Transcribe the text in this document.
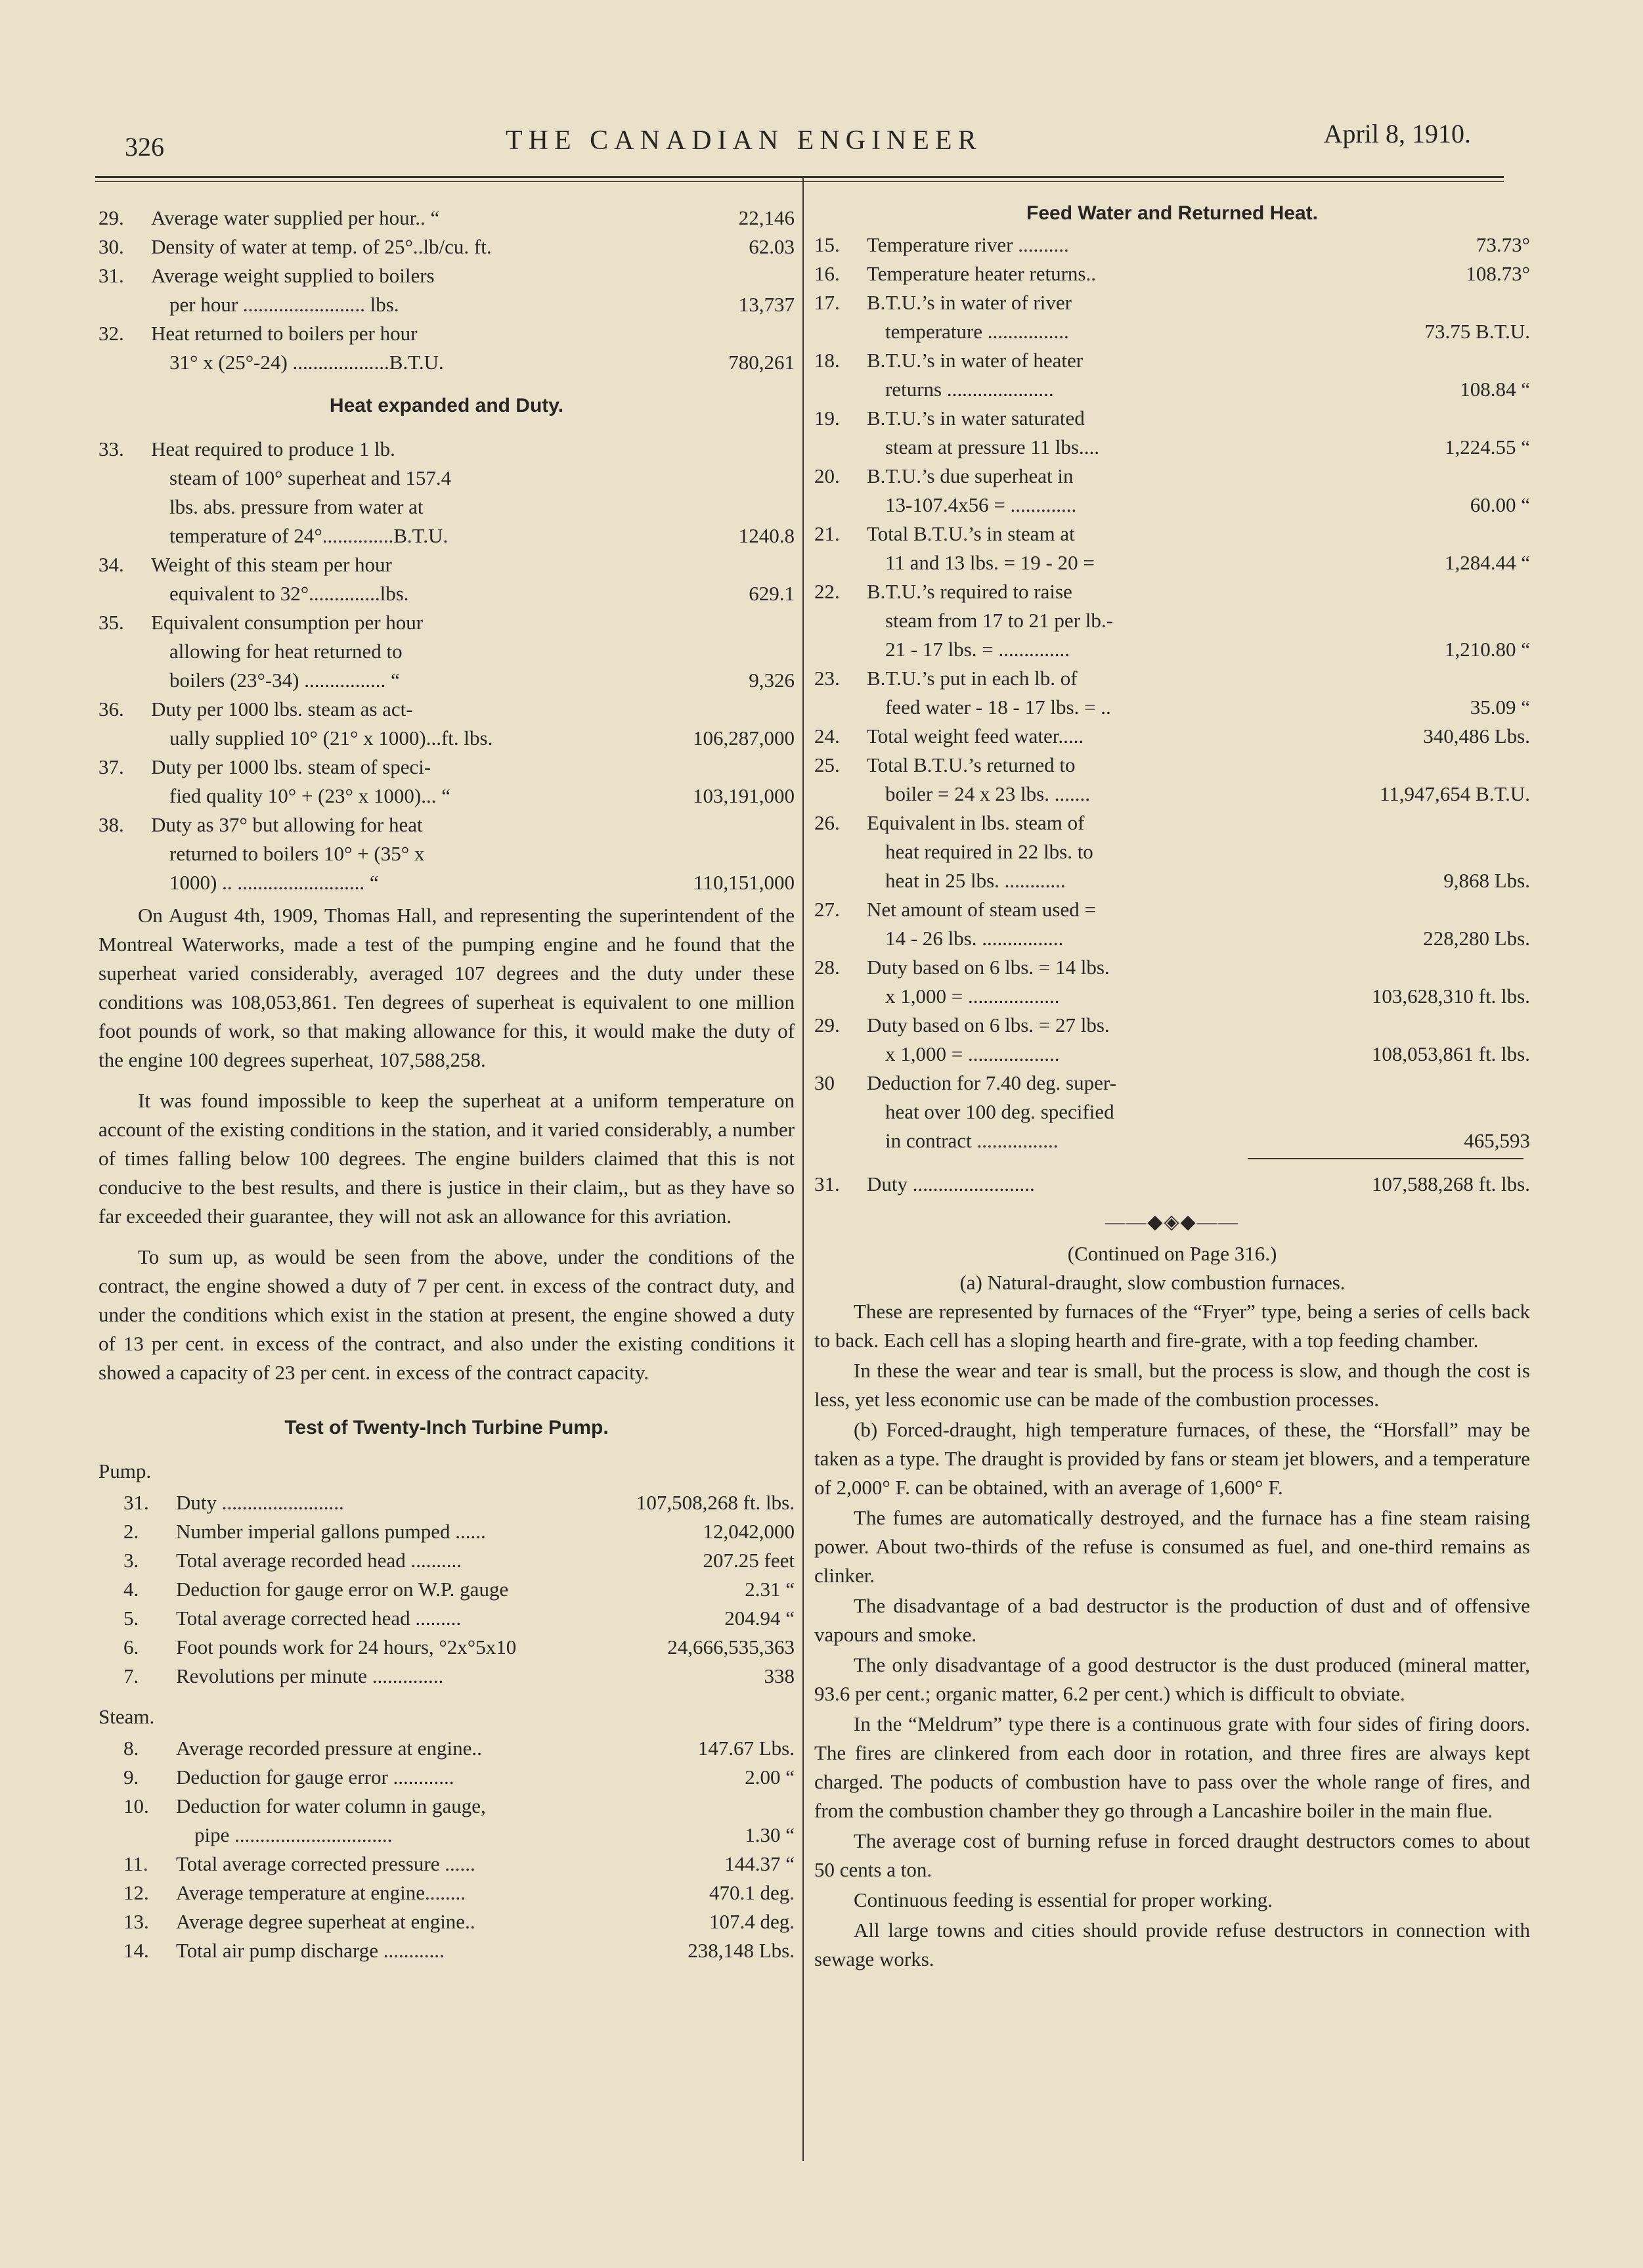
326	THE CANADIAN ENGINEER	April 8, 1910.
29.	Average water supplied per hour.. “	22,146
30.	Density of water at temp. of 25°..lb/cu. ft.	62.03
31.	Average weight supplied to boilers
per hour ........................ lbs.	13,737
32.	Heat returned to boilers per hour
31° x (25°-24) ...................B.T.U.	780,261
Heat expanded and Duty.
33.	Heat required to produce 1 lb.
steam of 100° superheat and 157.4
lbs. abs. pressure from water at
temperature of 24°..............B.T.U.	1240.8
34.	Weight of this steam per hour
equivalent to 32°..............lbs.	629.1
35.	Equivalent consumption per hour
allowing for heat returned to
boilers (23°-34) ................ “	9,326
36.	Duty per 1000 lbs. steam as act-
ually supplied 10° (21° x 1000)...ft. lbs.	106,287,000
37.	Duty per 1000 lbs. steam of speci-
fied quality 10° + (23° x 1000)... “	103,191,000
38.	Duty as 37° but allowing for heat
returned to boilers 10° + (35° x
1000) .. ......................... “	110,151,000

On August 4th, 1909, Thomas Hall, and representing the superintendent of the Montreal Waterworks, made a test of the pumping engine and he found that the superheat varied considerably, averaged 107 degrees and the duty under these conditions was 108,053,861. Ten degrees of superheat is equivalent to one million foot pounds of work, so that making allowance for this, it would make the duty of the engine 100 degrees superheat, 107,588,258.

It was found impossible to keep the superheat at a uniform temperature on account of the existing conditions in the station, and it varied considerably, a number of times falling below 100 degrees. The engine builders claimed that this is not conducive to the best results, and there is justice in their claim,, but as they have so far exceeded their guarantee, they will not ask an allowance for this avriation.

To sum up, as would be seen from the above, under the conditions of the contract, the engine showed a duty of 7 per cent. in excess of the contract duty, and under the conditions which exist in the station at present, the engine showed a duty of 13 per cent. in excess of the contract, and also under the existing conditions it showed a capacity of 23 per cent. in excess of the contract capacity.

Test of Twenty-Inch Turbine Pump.
Pump.
31.	Duty ........................	107,508,268 ft. lbs.
2.	Number imperial gallons pumped ......	12,042,000
3.	Total average recorded head ..........	207.25 feet
4.	Deduction for gauge error on W.P. gauge	2.31 “
5.	Total average corrected head .........	204.94 “
6.	Foot pounds work for 24 hours, °2x°5x10	24,666,535,363
7.	Revolutions per minute ..............	338
Steam.
8.	Average recorded pressure at engine..	147.67 Lbs.
9.	Deduction for gauge error ............	2.00 “
10.	Deduction for water column in gauge,
pipe ...............................	1.30 “
11.	Total average corrected pressure ......	144.37 “
12.	Average temperature at engine........	470.1 deg.
13.	Average degree superheat at engine..	107.4 deg.
14.	Total air pump discharge ............	238,148 Lbs.
Feed Water and Returned Heat.
15.	Temperature river ..........	73.73°
16.	Temperature heater returns..	108.73°
17.	B.T.U.’s in water of river
temperature ................	73.75 B.T.U.
18.	B.T.U.’s in water of heater
returns .....................	108.84 “
19.	B.T.U.’s in water saturated
steam at pressure 11 lbs....	1,224.55 “
20.	B.T.U.’s due superheat in
13-107.4x56 = .............	60.00 “
21.	Total B.T.U.’s in steam at
11 and 13 lbs. = 19 - 20 =	1,284.44 “
22.	B.T.U.’s required to raise
steam from 17 to 21 per lb.-
21 - 17 lbs. = ..............	1,210.80 “
23.	B.T.U.’s put in each lb. of
feed water - 18 - 17 lbs. = ..	35.09 “
24.	Total weight feed water.....	340,486 Lbs.
25.	Total B.T.U.’s returned to
boiler = 24 x 23 lbs. .......	11,947,654 B.T.U.
26.	Equivalent in lbs. steam of
heat required in 22 lbs. to
heat in 25 lbs. ............	9,868 Lbs.
27.	Net amount of steam used =
14 - 26 lbs. ................	228,280 Lbs.
28.	Duty based on 6 lbs. = 14 lbs.
x 1,000 = ..................	103,628,310 ft. lbs.
29.	Duty based on 6 lbs. = 27 lbs.
x 1,000 = ..................	108,053,861 ft. lbs.
30	Deduction for 7.40 deg. super-
heat over 100 deg. specified
in contract ................	465,593
31.	Duty ........................	107,588,268 ft. lbs.
——◆◈◆——
(Continued on Page 316.)
(a) Natural-draught, slow combustion furnaces.

These are represented by furnaces of the “Fryer” type, being a series of cells back to back. Each cell has a sloping hearth and fire-grate, with a top feeding chamber.

In these the wear and tear is small, but the process is slow, and though the cost is less, yet less economic use can be made of the combustion processes.

(b) Forced-draught, high temperature furnaces, of these, the “Horsfall” may be taken as a type. The draught is provided by fans or steam jet blowers, and a temperature of 2,000° F. can be obtained, with an average of 1,600° F.

The fumes are automatically destroyed, and the furnace has a fine steam raising power. About two-thirds of the refuse is consumed as fuel, and one-third remains as clinker.

The disadvantage of a bad destructor is the production of dust and of offensive vapours and smoke.

The only disadvantage of a good destructor is the dust produced (mineral matter, 93.6 per cent.; organic matter, 6.2 per cent.) which is difficult to obviate.

In the “Meldrum” type there is a continuous grate with four sides of firing doors. The fires are clinkered from each door in rotation, and three fires are always kept charged. The poducts of combustion have to pass over the whole range of fires, and from the combustion chamber they go through a Lancashire boiler in the main flue.

The average cost of burning refuse in forced draught destructors comes to about 50 cents a ton.

Continuous feeding is essential for proper working.

All large towns and cities should provide refuse destructors in connection with sewage works.
